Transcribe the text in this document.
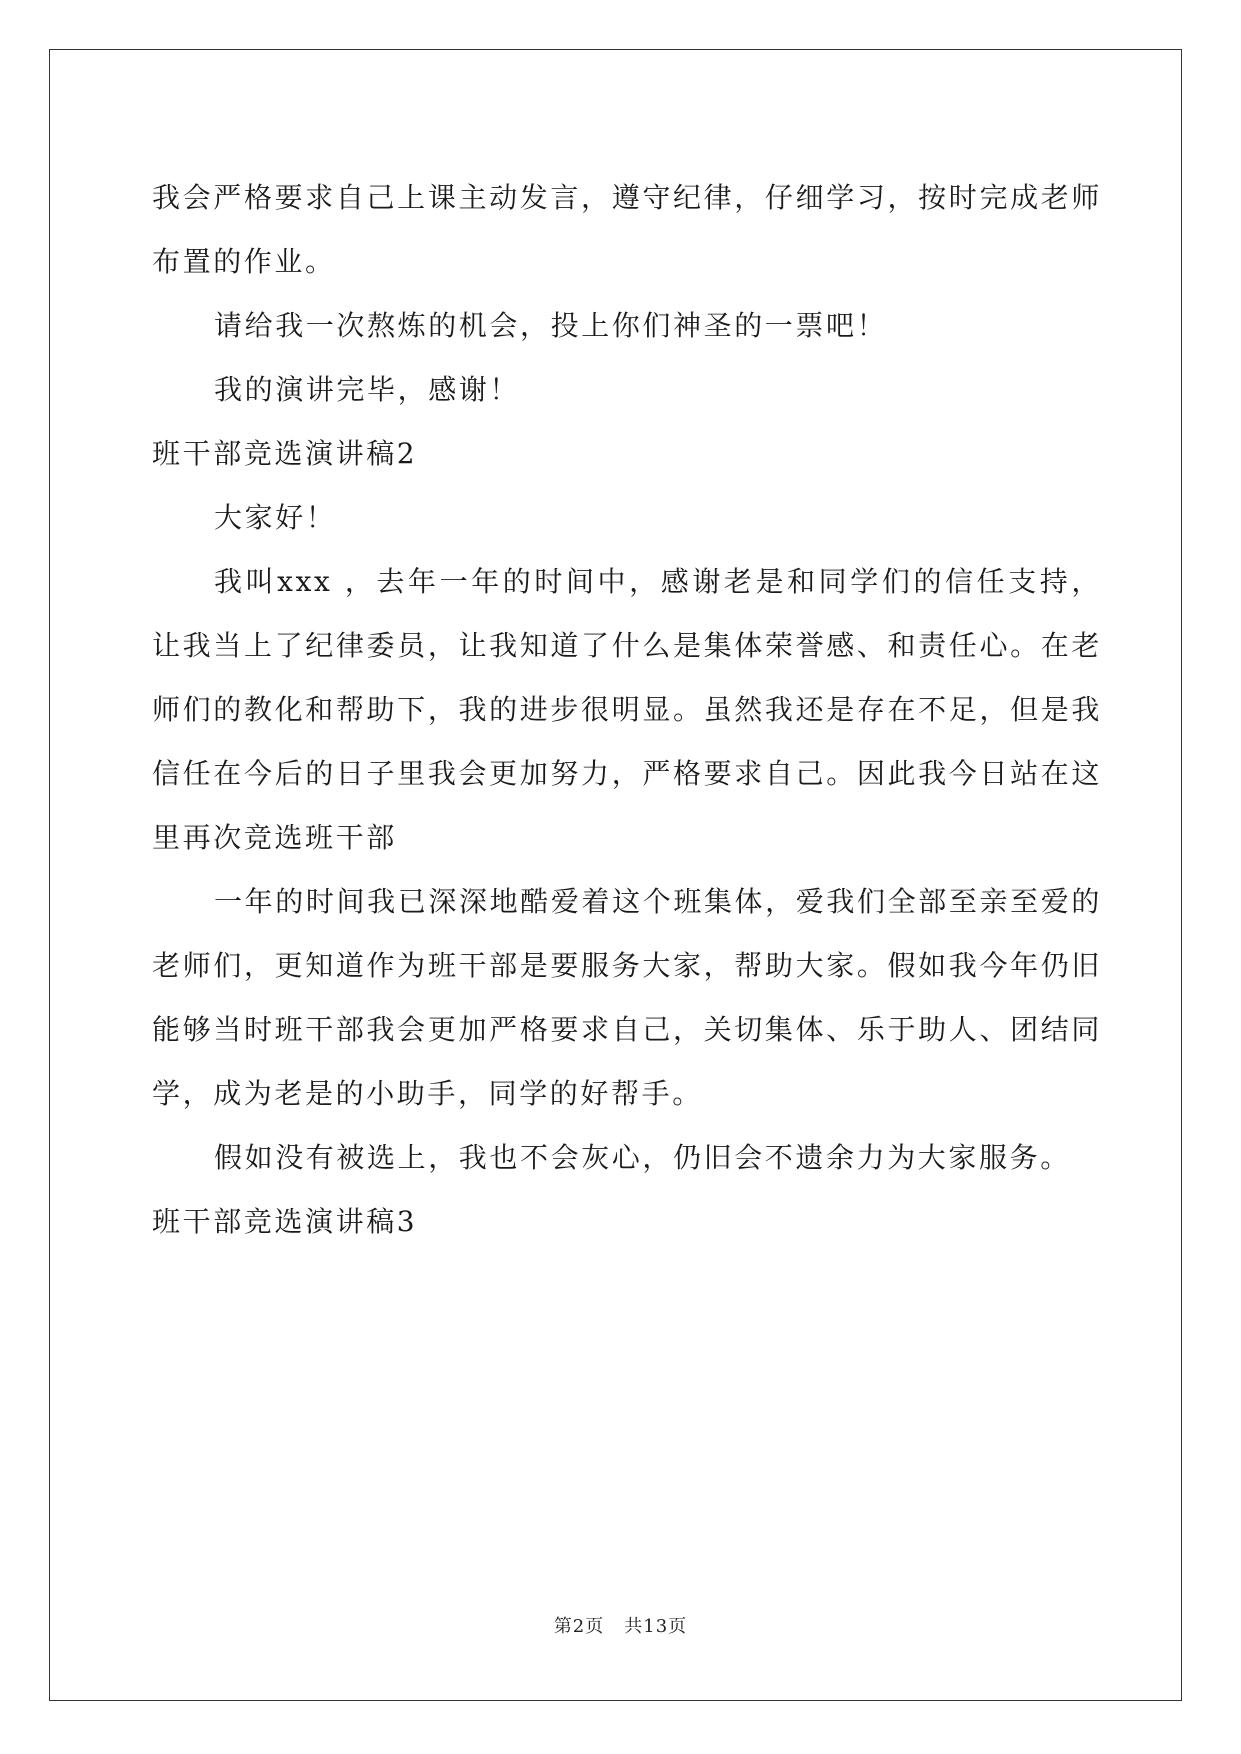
我会严格要求自己上课主动发言，遵守纪律，仔细学习，按时完成老师布置的作业。

请给我一次熬炼的机会，投上你们神圣的一票吧！

我的演讲完毕，感谢！

班干部竞选演讲稿2

大家好！

我叫xxx ，去年一年的时间中，感谢老是和同学们的信任支持，让我当上了纪律委员，让我知道了什么是集体荣誉感、和责任心。在老师们的教化和帮助下，我的进步很明显。虽然我还是存在不足，但是我信任在今后的日子里我会更加努力，严格要求自己。因此我今日站在这里再次竞选班干部

一年的时间我已深深地酷爱着这个班集体，爱我们全部至亲至爱的老师们，更知道作为班干部是要服务大家，帮助大家。假如我今年仍旧能够当时班干部我会更加严格要求自己，关切集体、乐于助人、团结同学，成为老是的小助手，同学的好帮手。

假如没有被选上，我也不会灰心，仍旧会不遗余力为大家服务。

班干部竞选演讲稿3

第2页 共13页
